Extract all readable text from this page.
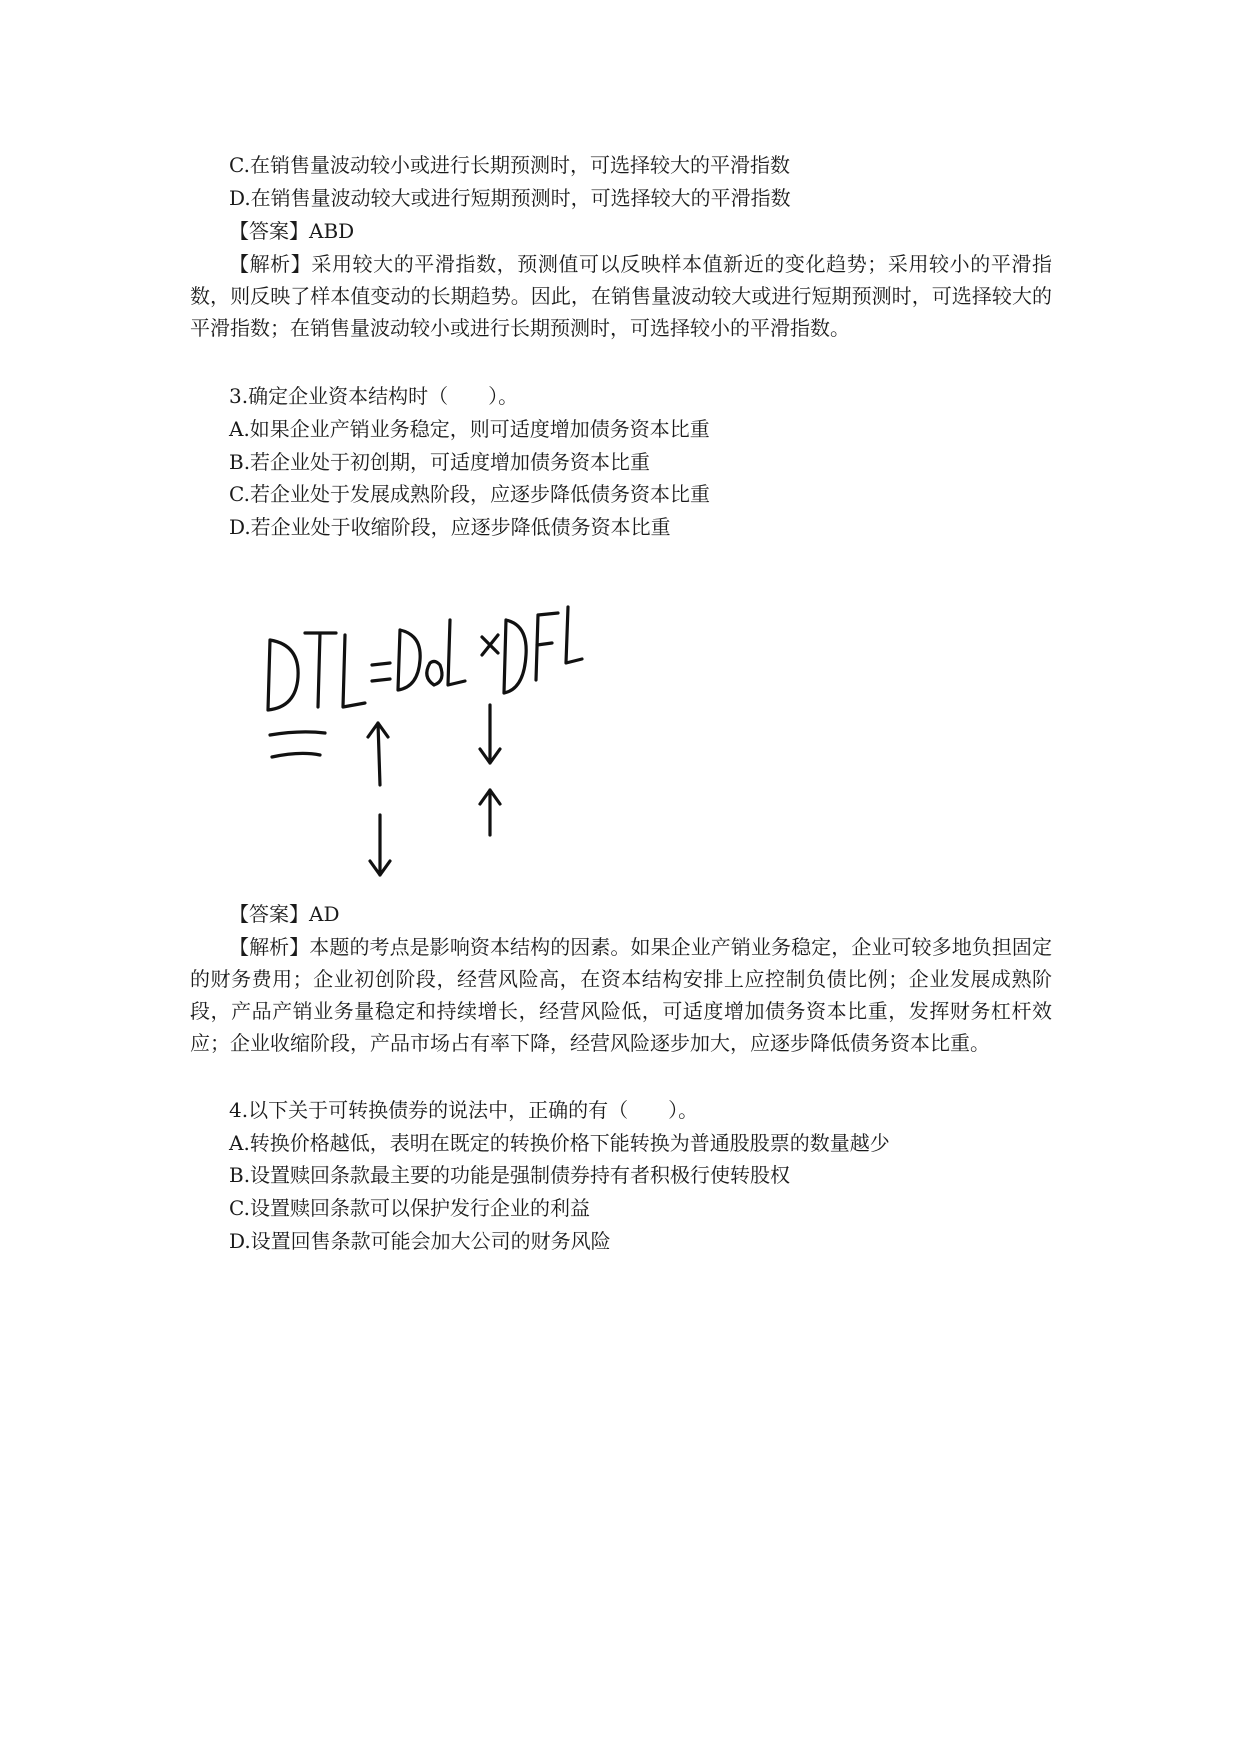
C.在销售量波动较小或进行长期预测时，可选择较大的平滑指数
D.在销售量波动较大或进行短期预测时，可选择较大的平滑指数
【答案】ABD
【解析】采用较大的平滑指数，预测值可以反映样本值新近的变化趋势；采用较小的平滑指数，则反映了样本值变动的长期趋势。因此，在销售量波动较大或进行短期预测时，可选择较大的平滑指数；在销售量波动较小或进行长期预测时，可选择较小的平滑指数。
3.确定企业资本结构时（　　）。
A.如果企业产销业务稳定，则可适度增加债务资本比重
B.若企业处于初创期，可适度增加债务资本比重
C.若企业处于发展成熟阶段，应逐步降低债务资本比重
D.若企业处于收缩阶段，应逐步降低债务资本比重
【答案】AD
【解析】本题的考点是影响资本结构的因素。如果企业产销业务稳定，企业可较多地负担固定的财务费用；企业初创阶段，经营风险高，在资本结构安排上应控制负债比例；企业发展成熟阶段，产品产销业务量稳定和持续增长，经营风险低，可适度增加债务资本比重，发挥财务杠杆效应；企业收缩阶段，产品市场占有率下降，经营风险逐步加大，应逐步降低债务资本比重。
4.以下关于可转换债券的说法中，正确的有（　　）。
A.转换价格越低，表明在既定的转换价格下能转换为普通股股票的数量越少
B.设置赎回条款最主要的功能是强制债券持有者积极行使转股权
C.设置赎回条款可以保护发行企业的利益
D.设置回售条款可能会加大公司的财务风险
